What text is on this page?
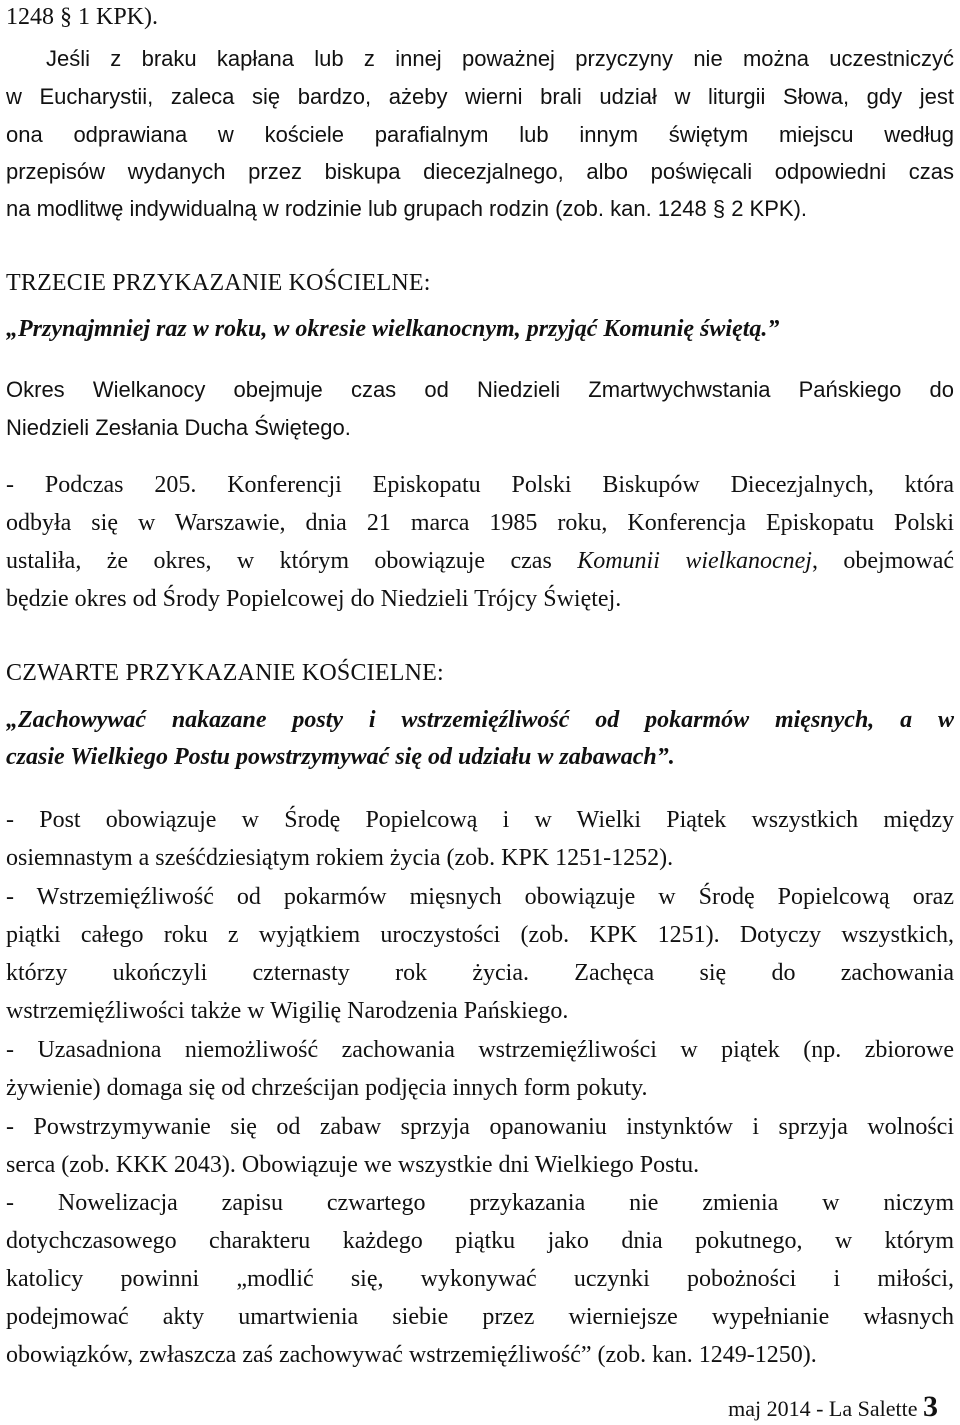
1248 § 1 KPK).
Jeśli z braku kapłana lub z innej poważnej przyczyny nie można uczestniczyć
w Eucharystii, zaleca się bardzo, ażeby wierni brali udział w liturgii Słowa, gdy jest
ona odprawiana w kościele parafialnym lub innym świętym miejscu według
przepisów wydanych przez biskupa diecezjalnego, albo poświęcali odpowiedni czas
na modlitwę indywidualną w rodzinie lub grupach rodzin (zob. kan. 1248 § 2 KPK).
TRZECIE PRZYKAZANIE KOŚCIELNE:
„Przynajmniej raz w roku, w okresie wielkanocnym, przyjąć Komunię świętą.”
Okres Wielkanocy obejmuje czas od Niedzieli Zmartwychwstania Pańskiego do
Niedzieli Zesłania Ducha Świętego.
- Podczas 205. Konferencji Episkopatu Polski Biskupów Diecezjalnych, która
odbyła się w Warszawie, dnia 21 marca 1985 roku, Konferencja Episkopatu Polski
ustaliła, że okres, w którym obowiązuje czas Komunii wielkanocnej, obejmować
będzie okres od Środy Popielcowej do Niedzieli Trójcy Świętej.
CZWARTE PRZYKAZANIE KOŚCIELNE:
„Zachowywać nakazane posty i wstrzemięźliwość od pokarmów mięsnych, a w
czasie Wielkiego Postu powstrzymywać się od udziału w zabawach”.
- Post obowiązuje w Środę Popielcową i w Wielki Piątek wszystkich między
osiemnastym a sześćdziesiątym rokiem życia (zob. KPK 1251-1252).
- Wstrzemięźliwość od pokarmów mięsnych obowiązuje w Środę Popielcową oraz
piątki całego roku z wyjątkiem uroczystości (zob. KPK 1251). Dotyczy wszystkich,
którzy ukończyli czternasty rok życia. Zachęca się do zachowania
wstrzemięźliwości także w Wigilię Narodzenia Pańskiego.
- Uzasadniona niemożliwość zachowania wstrzemięźliwości w piątek (np. zbiorowe
żywienie) domaga się od chrześcijan podjęcia innych form pokuty.
- Powstrzymywanie się od zabaw sprzyja opanowaniu instynktów i sprzyja wolności
serca (zob. KKK 2043). Obowiązuje we wszystkie dni Wielkiego Postu.
- Nowelizacja zapisu czwartego przykazania nie zmienia w niczym
dotychczasowego charakteru każdego piątku jako dnia pokutnego, w którym
katolicy powinni „modlić się, wykonywać uczynki pobożności i miłości,
podejmować akty umartwienia siebie przez wierniejsze wypełnianie własnych
obowiązków, zwłaszcza zaś zachowywać wstrzemięźliwość” (zob. kan. 1249-1250).
maj 2014 - La Salette 3
